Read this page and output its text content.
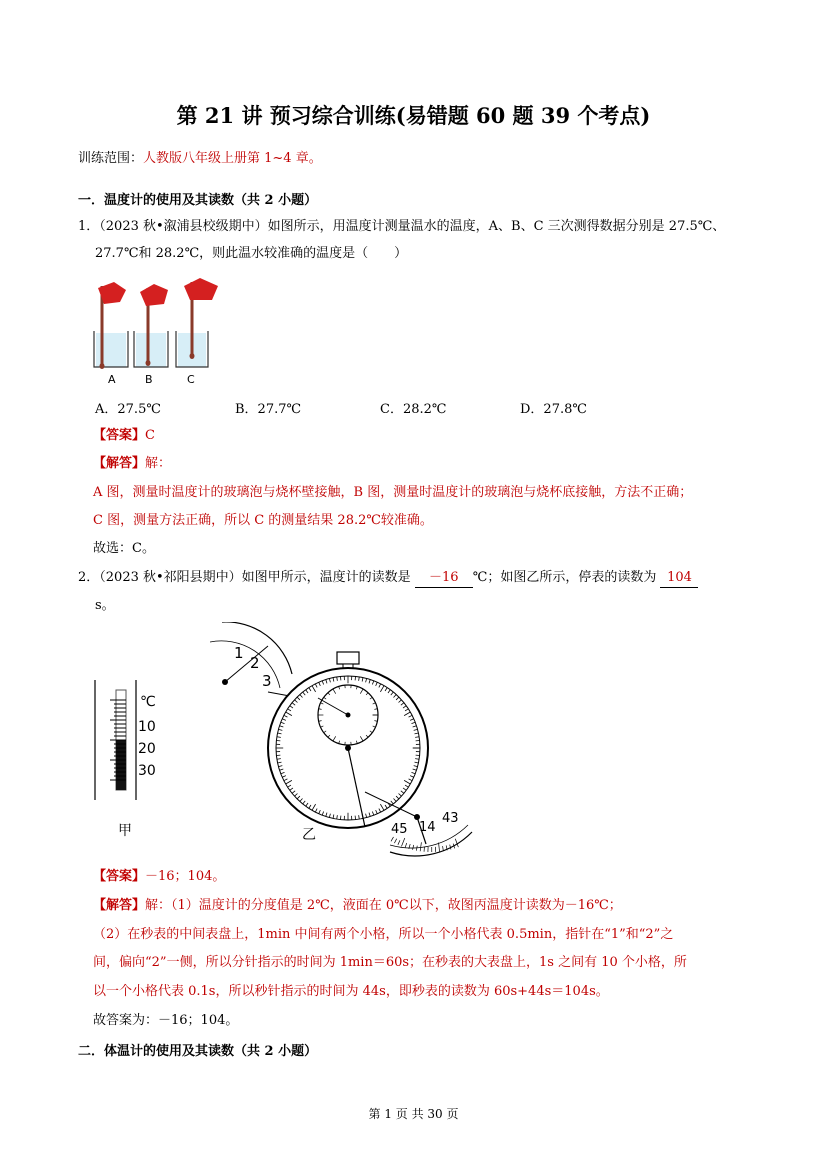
第 21 讲 预习综合训练(易错题 60 题 39 个考点)
训练范围：人教版八年级上册第 1~4 章。
一．温度计的使用及其读数（共 2 小题）
1．（2023 秋•溆浦县校级期中）如图所示，用温度计测量温水的温度，A、B、C 三次测得数据分别是 27.5℃、
27.7℃和 28.2℃，则此温水较准确的温度是（　　）
A	B	C
A．27.5℃	B．27.7℃	C．28.2℃	D．27.8℃
【答案】C
【解答】解：
A 图，测量时温度计的玻璃泡与烧杯壁接触，B 图，测量时温度计的玻璃泡与烧杯底接触，方法不正确；
C 图，测量方法正确，所以 C 的测量结果 28.2℃较准确。
故选：C。
2．（2023 秋•祁阳县期中）如图甲所示，温度计的读数是 －16 ℃；如图乙所示，停表的读数为 104
s。
℃
10
20
30
甲
1
2
3
45 14
43
乙
【答案】－16；104。
【解答】解：（1）温度计的分度值是 2℃，液面在 0℃以下，故图丙温度计读数为－16℃；
（2）在秒表的中间表盘上，1min 中间有两个小格，所以一个小格代表 0.5min，指针在“1”和“2”之
间，偏向“2”一侧，所以分针指示的时间为 1min＝60s；在秒表的大表盘上，1s 之间有 10 个小格，所
以一个小格代表 0.1s，所以秒针指示的时间为 44s，即秒表的读数为 60s+44s＝104s。
故答案为：－16；104。
二．体温计的使用及其读数（共 2 小题）
第 1 页 共 30 页
